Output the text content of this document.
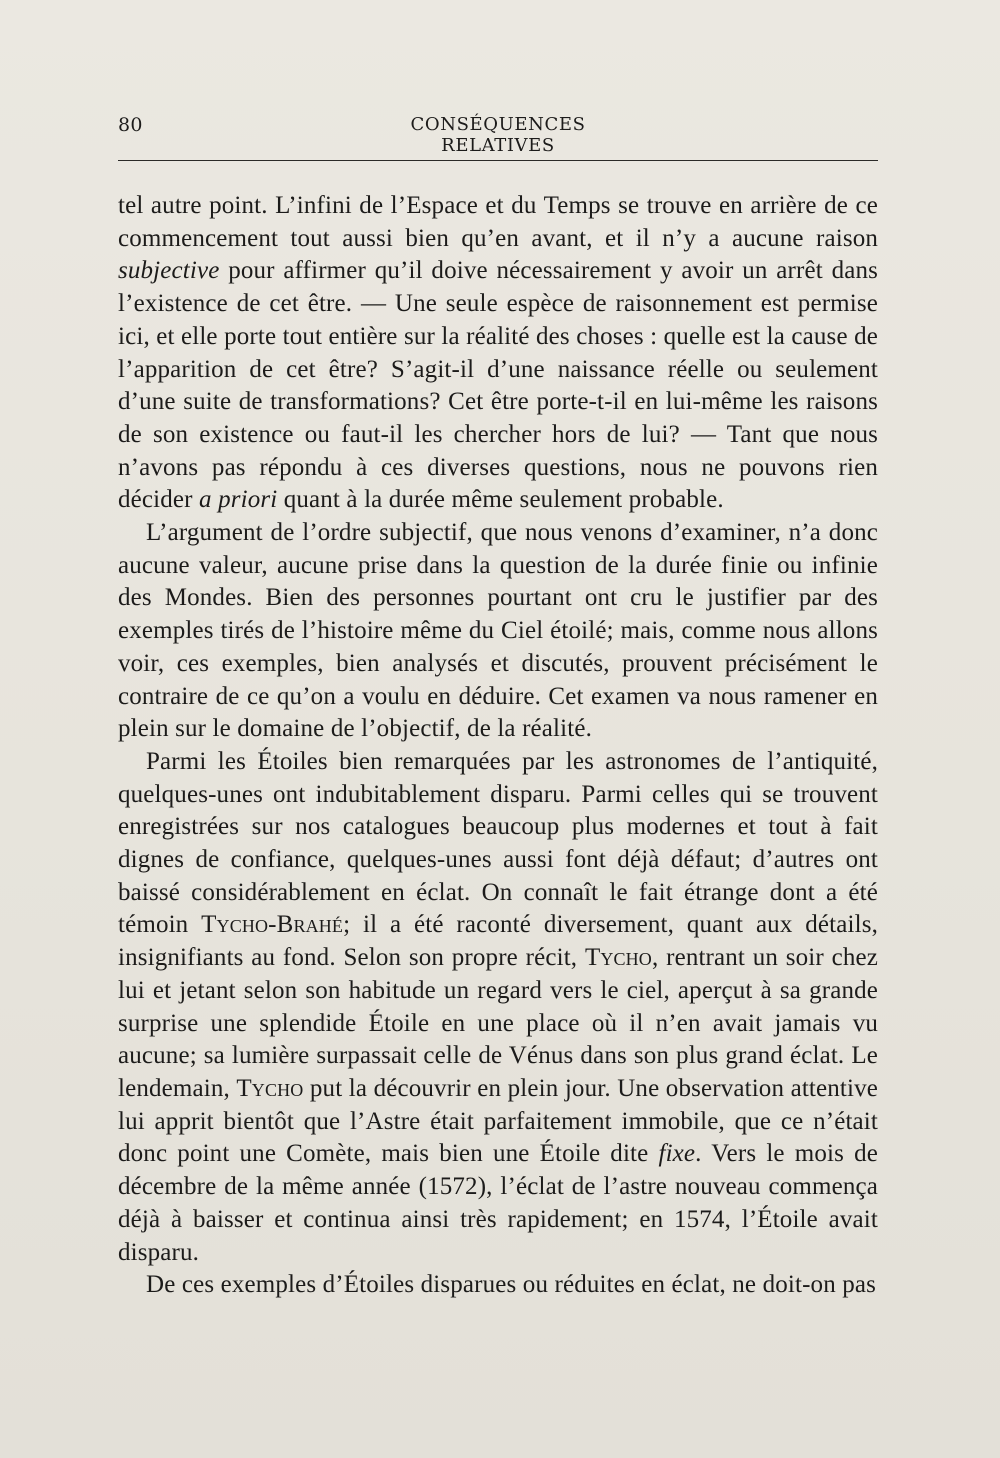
80	CONSÉQUENCES RELATIVES

tel autre point. L’infini de l’Espace et du Temps se trouve en arrière de ce commencement tout aussi bien qu’en avant, et il n’y a aucune raison subjective pour affirmer qu’il doive nécessairement y avoir un arrêt dans l’existence de cet être. — Une seule espèce de raisonnement est permise ici, et elle porte tout entière sur la réalité des choses : quelle est la cause de l’apparition de cet être? S’agit-il d’une naissance réelle ou seulement d’une suite de transformations? Cet être porte-t-il en lui-même les raisons de son existence ou faut-il les chercher hors de lui? — Tant que nous n’avons pas répondu à ces diverses questions, nous ne pouvons rien décider a priori quant à la durée même seulement probable.

L’argument de l’ordre subjectif, que nous venons d’examiner, n’a donc aucune valeur, aucune prise dans la question de la durée finie ou infinie des Mondes. Bien des personnes pourtant ont cru le justifier par des exemples tirés de l’histoire même du Ciel étoilé; mais, comme nous allons voir, ces exemples, bien analysés et discutés, prouvent précisément le contraire de ce qu’on a voulu en déduire. Cet examen va nous ramener en plein sur le domaine de l’objectif, de la réalité.

Parmi les Étoiles bien remarquées par les astronomes de l’antiquité, quelques-unes ont indubitablement disparu. Parmi celles qui se trouvent enregistrées sur nos catalogues beaucoup plus modernes et tout à fait dignes de confiance, quelques-unes aussi font déjà défaut; d’autres ont baissé considérablement en éclat. On connaît le fait étrange dont a été témoin Tycho-Brahé; il a été raconté diversement, quant aux détails, insignifiants au fond. Selon son propre récit, Tycho, rentrant un soir chez lui et jetant selon son habitude un regard vers le ciel, aperçut à sa grande surprise une splendide Étoile en une place où il n’en avait jamais vu aucune; sa lumière surpassait celle de Vénus dans son plus grand éclat. Le lendemain, Tycho put la découvrir en plein jour. Une observation attentive lui apprit bientôt que l’Astre était parfaitement immobile, que ce n’était donc point une Comète, mais bien une Étoile dite fixe. Vers le mois de décembre de la même année (1572), l’éclat de l’astre nouveau commença déjà à baisser et continua ainsi très rapidement; en 1574, l’Étoile avait disparu.

De ces exemples d’Étoiles disparues ou réduites en éclat, ne doit-on pas
